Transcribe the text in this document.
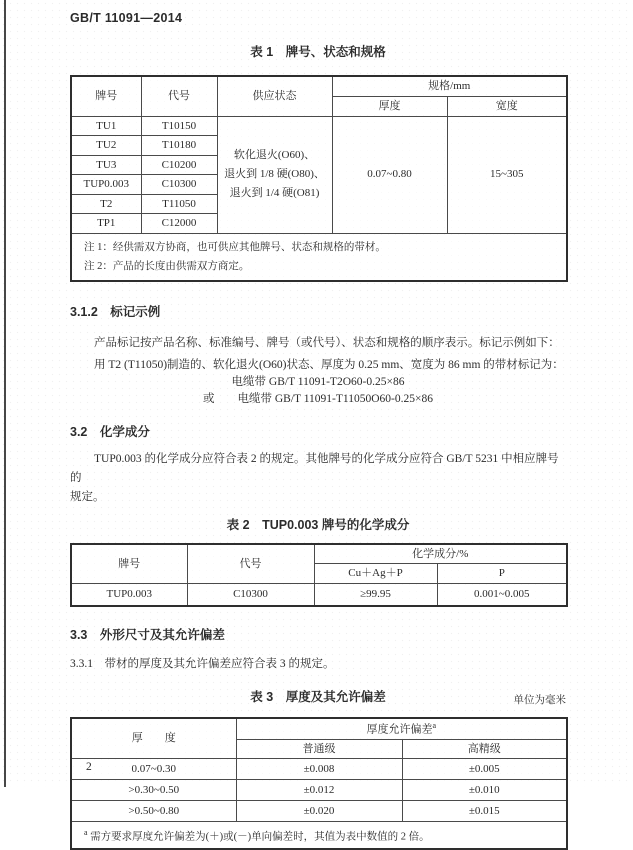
GB/T 11091—2014
表 1　牌号、状态和规格
牌号	代号	供应状态	规格/mm	
			厚度	宽度
TU1	T10150	软化退火(O60)、
退火到 1/8 硬(O80)、
退火到 1/4 硬(O81)	0.07~0.80	15~305
TU2	T10180			
TU3	C10200			
TUP0.003	C10300			
T2	T11050			
TP1	C12000			

注 1：经供需双方协商，也可供应其他牌号、状态和规格的带材。
注 2：产品的长度由供需双方商定。				
3.1.2　标记示例
产品标记按产品名称、标准编号、牌号（或代号）、状态和规格的顺序表示。标记示例如下：
用 T2 (T11050)制造的、软化退火(O60)状态、厚度为 0.25 mm、宽度为 86 mm 的带材标记为：
电缆带 GB/T 11091-T2O60-0.25×86
或　　电缆带 GB/T 11091-T11050O60-0.25×86
3.2　化学成分
TUP0.003 的化学成分应符合表 2 的规定。其他牌号的化学成分应符合 GB/T 5231 中相应牌号的
规定。
表 2　TUP0.003 牌号的化学成分
牌号	代号	化学成分/%	
		Cu＋Ag＋P	P
TUP0.003	C10300	≥99.95	0.001~0.005
3.3　外形尺寸及其允许偏差
3.3.1　带材的厚度及其允许偏差应符合表 3 的规定。
表 3　厚度及其允许偏差	单位为毫米
厚　　度	厚度允许偏差$^a$
	普通级	高精级
0.07~0.30	±0.008	±0.005
>0.30~0.50	±0.012	±0.010
>0.50~0.80	±0.020	±0.015
$^a$ 需方要求厚度允许偏差为(＋)或(－)单向偏差时，其值为表中数值的 2 倍。		
2
